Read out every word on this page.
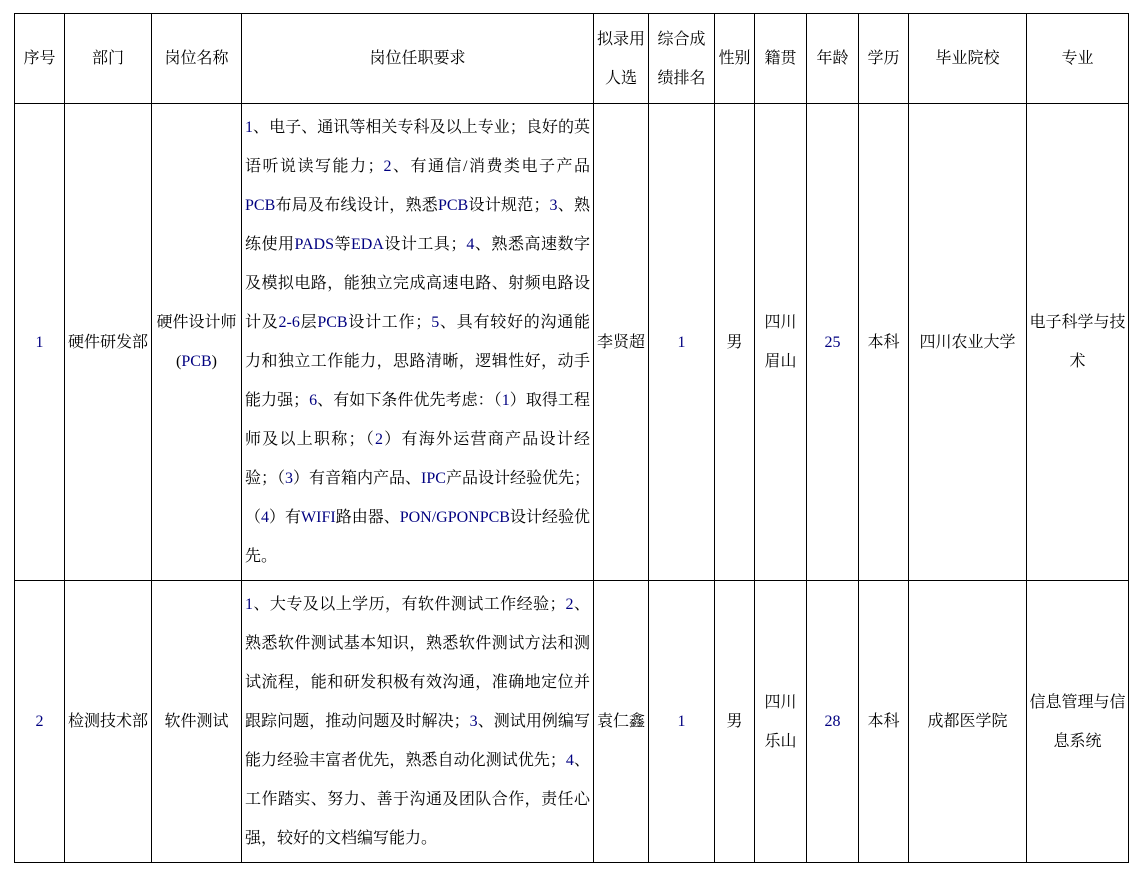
序号	部门	岗位名称	岗位任职要求	拟录用人选	综合成绩排名	性别	籍贯	年龄	学历	毕业院校	专业
1	硬件研发部	硬件设计师(PCB)	1、电子、通讯等相关专科及以上专业；良好的英语听说读写能力；2、有通信/消费类电子产品PCB布局及布线设计，熟悉PCB设计规范；3、熟练使用PADS等EDA设计工具；4、熟悉高速数字及模拟电路，能独立完成高速电路、射频电路设计及2-6层PCB设计工作；5、具有较好的沟通能力和独立工作能力，思路清晰，逻辑性好，动手能力强；6、有如下条件优先考虑：（1）取得工程师及以上职称；（2）有海外运营商产品设计经验；（3）有音箱内产品、IPC产品设计经验优先；（4）有WIFI路由器、PON/GPONPCB设计经验优先。	李贤超	1	男	四川眉山	25	本科	四川农业大学	电子科学与技术
2	检测技术部	软件测试	1、大专及以上学历，有软件测试工作经验；2、熟悉软件测试基本知识，熟悉软件测试方法和测试流程，能和研发积极有效沟通，准确地定位并跟踪问题，推动问题及时解决；3、测试用例编写能力经验丰富者优先，熟悉自动化测试优先；4、工作踏实、努力、善于沟通及团队合作，责任心强，较好的文档编写能力。	袁仁鑫	1	男	四川乐山	28	本科	成都医学院	信息管理与信息系统
